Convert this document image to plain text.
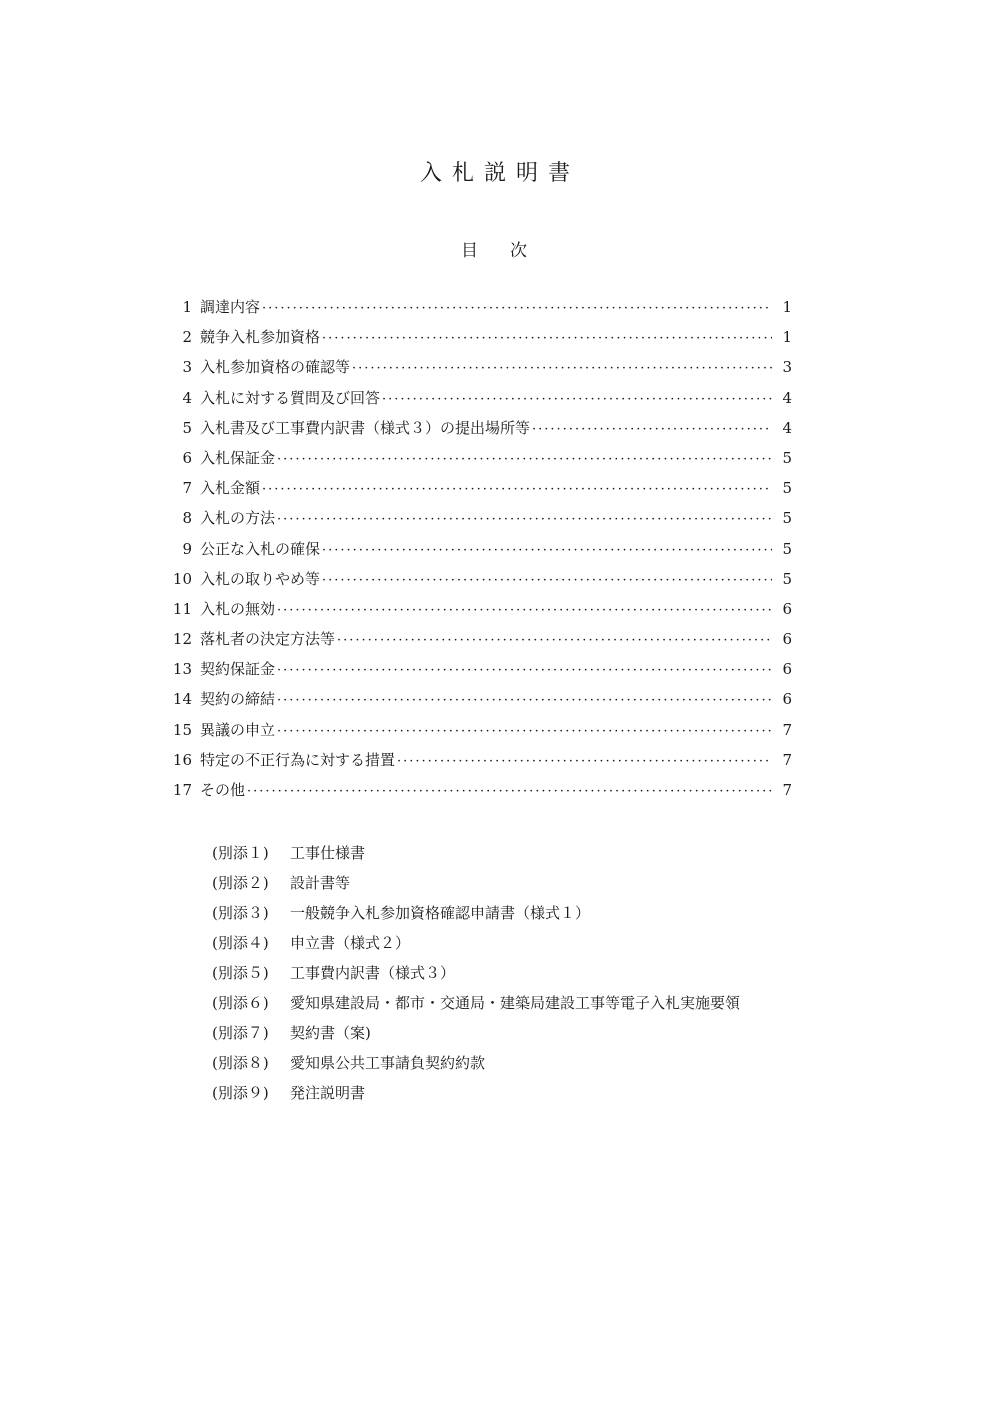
入札説明書
目次
1 調達内容 ·····	1
2 競争入札参加資格 ·····	1
3 入札参加資格の確認等 ·····	3
4 入札に対する質問及び回答 ·····	4
5 入札書及び工事費内訳書（様式３）の提出場所等 ·····	4
6 入札保証金 ·····	5
7 入札金額 ·····	5
8 入札の方法 ·····	5
9 公正な入札の確保 ·····	5
10 入札の取りやめ等 ·····	5
11 入札の無効 ·····	6
12 落札者の決定方法等 ·····	6
13 契約保証金 ·····	6
14 契約の締結 ·····	6
15 異議の申立 ·····	7
16 特定の不正行為に対する措置 ·····	7
17 その他 ·····	7
(別添１) 工事仕様書
(別添２) 設計書等
(別添３) 一般競争入札参加資格確認申請書（様式１）
(別添４) 申立書（様式２）
(別添５) 工事費内訳書（様式３）
(別添６) 愛知県建設局・都市・交通局・建築局建設工事等電子入札実施要領
(別添７) 契約書（案)
(別添８) 愛知県公共工事請負契約約款
(別添９) 発注説明書
